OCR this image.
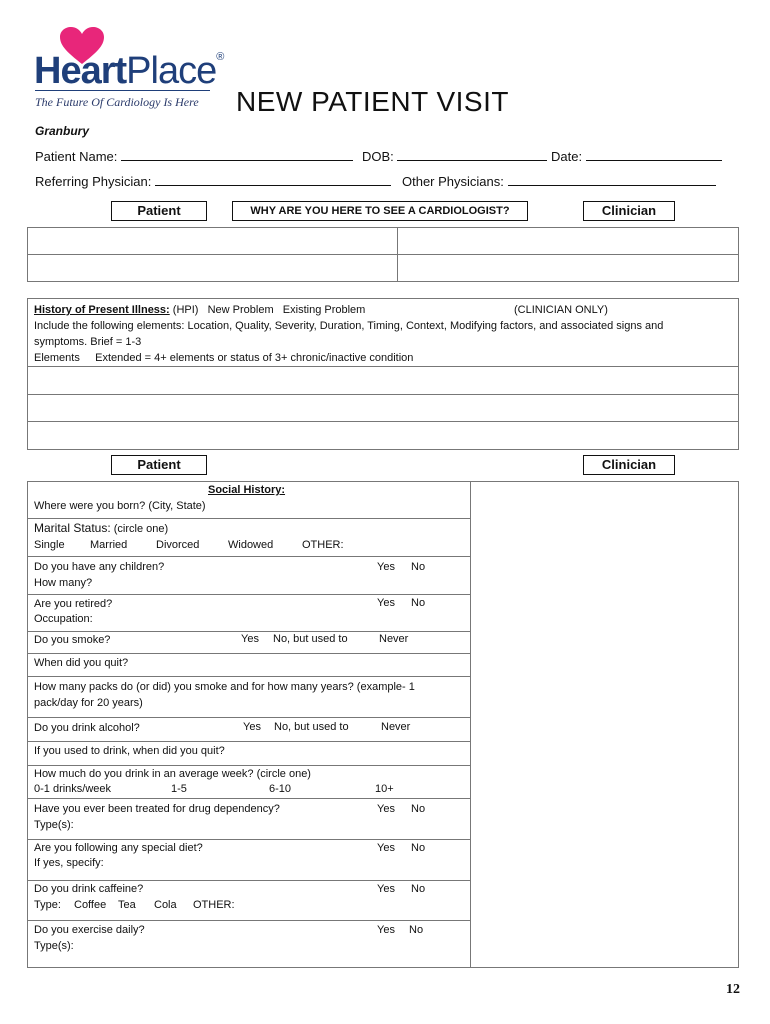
HeartPlace®
The Future Of Cardiology Is Here NEW PATIENT VISIT
Granbury
Patient Name:	DOB:	Date:
Referring Physician:	Other Physicians:
Patient	WHY ARE YOU HERE TO SEE A CARDIOLOGIST?	Clinician
History of Present Illness: (HPI)   New Problem   Existing Problem	(CLINICIAN ONLY)
Include the following elements: Location, Quality, Severity, Duration, Timing, Context, Modifying factors, and associated signs and
symptoms. Brief = 1-3
Elements     Extended = 4+ elements or status of 3+ chronic/inactive condition
Patient	Clinician
Social History:
Where were you born? (City, State)
Marital Status: (circle one)
Single Married	Divorced	Widowed	OTHER:
Do you have any children?	Yes No
How many?
Are you retired?	Yes No
Occupation:
Do you smoke?	Yes No, but used to	Never
When did you quit?
How many packs do (or did) you smoke and for how many years? (example- 1
pack/day for 20 years)
Do you drink alcohol?	Yes No, but used to	Never
If you used to drink, when did you quit?
How much do you drink in an average week? (circle one)
0-1 drinks/week	1-5	6-10	10+
Have you ever been treated for drug dependency?	Yes No
Type(s):
Are you following any special diet?	Yes No
If yes, specify:
Do you drink caffeine?	Yes No
Type: Coffee Tea Cola OTHER:
Do you exercise daily?	Yes No
Type(s):
12
